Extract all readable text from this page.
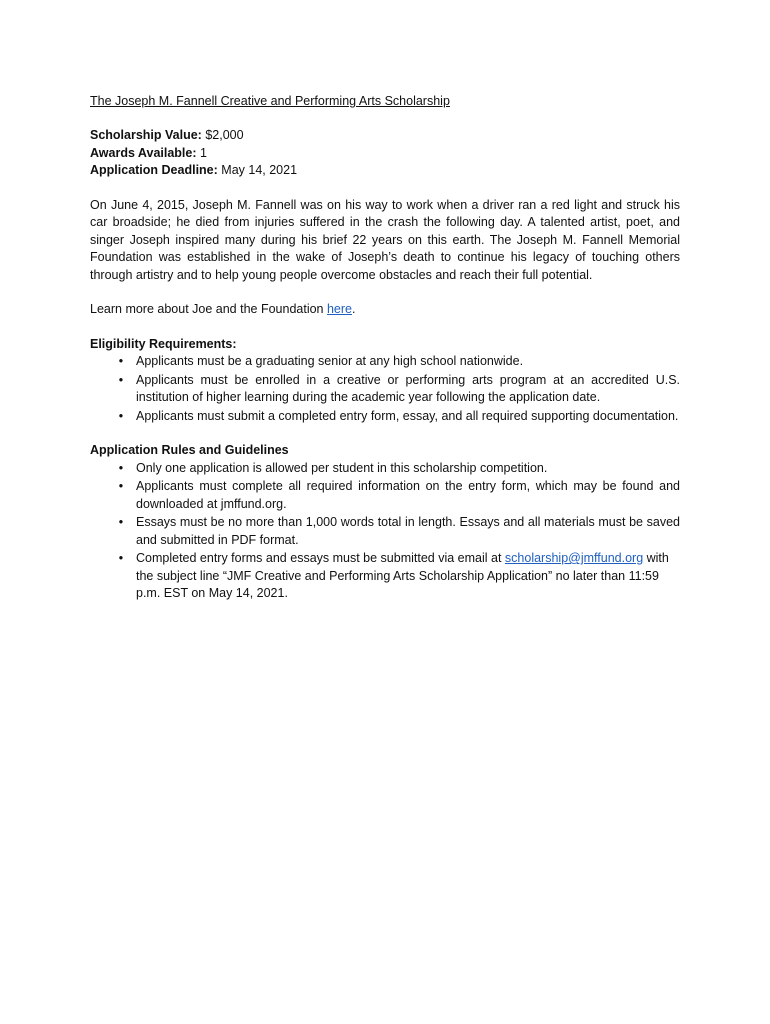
The Joseph M. Fannell Creative and Performing Arts Scholarship

Scholarship Value: $2,000
Awards Available: 1
Application Deadline: May 14, 2021

On June 4, 2015, Joseph M. Fannell was on his way to work when a driver ran a red light and struck his car broadside; he died from injuries suffered in the crash the following day. A talented artist, poet, and singer Joseph inspired many during his brief 22 years on this earth. The Joseph M. Fannell Memorial Foundation was established in the wake of Joseph’s death to continue his legacy of touching others through artistry and to help young people overcome obstacles and reach their full potential.

Learn more about Joe and the Foundation here.
Eligibility Requirements:
•	Applicants must be a graduating senior at any high school nationwide.
•	Applicants must be enrolled in a creative or performing arts program at an accredited U.S. institution of higher learning during the academic year following the application date.
•	Applicants must submit a completed entry form, essay, and all required supporting documentation.
Application Rules and Guidelines
•	Only one application is allowed per student in this scholarship competition.
•	Applicants must complete all required information on the entry form, which may be found and downloaded at jmffund.org.
•	Essays must be no more than 1,000 words total in length. Essays and all materials must be saved and submitted in PDF format.
•	Completed entry forms and essays must be submitted via email at scholarship@jmffund.org with the subject line “JMF Creative and Performing Arts Scholarship Application” no later than 11:59 p.m. EST on May 14, 2021.
